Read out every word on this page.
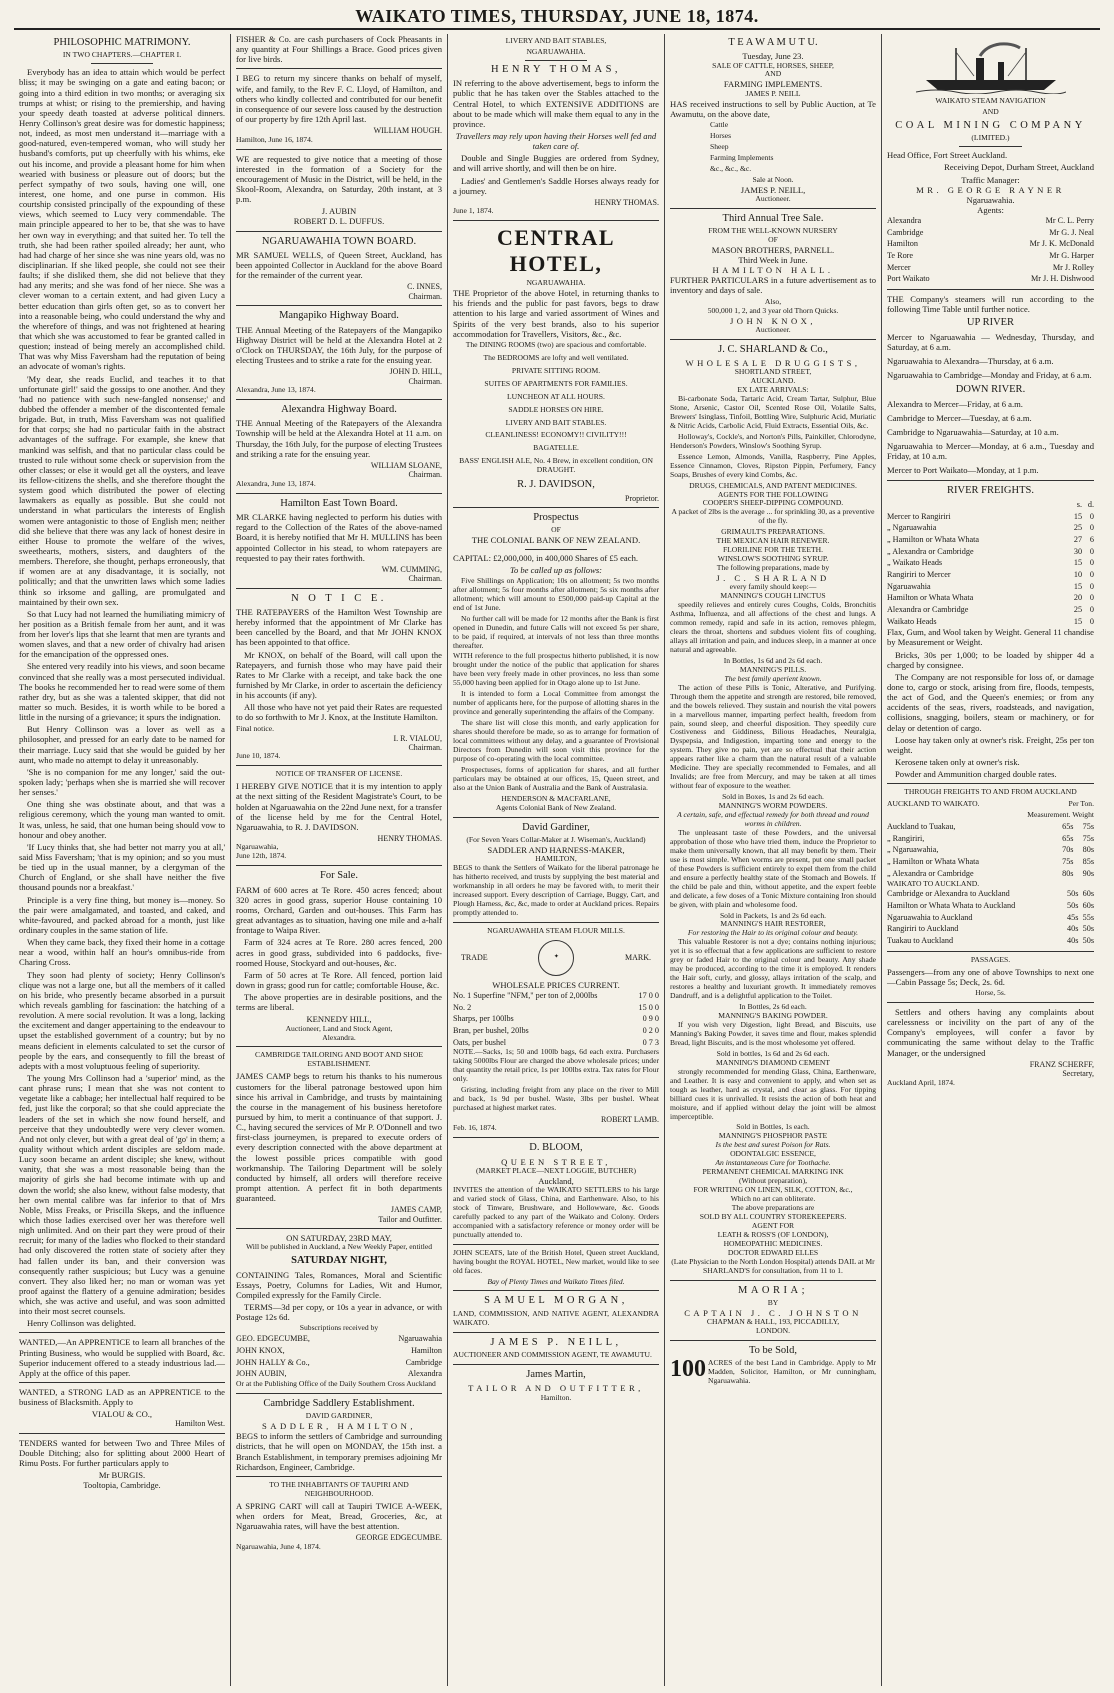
WAIKATO TIMES, THURSDAY, JUNE 18, 1874.
PHILOSOPHIC MATRIMONY.
IN TWO CHAPTERS.—CHAPTER I.

Everybody has an idea to attain which would be perfect bliss; it may be swinging on a gate and eating bacon; or going into a third edition in two months; or averaging six trumps at whist; or rising to the premiership, and having your speedy death toasted at adverse political dinners. Henry Collinson's great desire was for domestic happiness; not, indeed, as most men understand it—marriage with a good-natured, even-tempered woman, who will study her husband's comforts, put up cheerfully with his whims, eke out his income, and provide a pleasant home for him when wearied with business or pleasure out of doors; but the perfect sympathy of two souls, having one will, one interest, one home, and one purse in common. His courtship consisted principally of the expounding of these views, which seemed to Lucy very commendable. The main principle appeared to her to be, that she was to have her own way in everything; and that suited her. To tell the truth, she had been rather spoiled already; her aunt, who had had charge of her since she was nine years old, was no disciplinarian. If she liked people, she could not see their faults; if she disliked them, she did not believe that they had any merits; and she was fond of her niece. She was a clever woman to a certain extent, and had given Lucy a better education than girls often get, so as to convert her into a reasonable being, who could understand the why and the wherefore of things, and was not frightened at hearing that which she was accustomed to fear be granted called in question; instead of being merely an accomplished child. That was why Miss Faversham had the reputation of being an advocate of woman's rights.

'My dear, she reads Euclid, and teaches it to that unfortunate girl!' said the gossips to one another. And they 'had no patience with such new-fangled nonsense;' and dubbed the offender a member of the discontented female brigade. But, in truth, Miss Faversham was not qualified for that corps; she had no particular faith in the abstract advantages of the suffrage. For example, she knew that mankind was selfish, and that no particular class could be trusted to rule without some check or supervision from the other classes; or else it would get all the oysters, and leave its fellow-citizens the shells, and she therefore thought the system good which distributed the power of electing lawmakers as equally as possible. But she could not understand in what particulars the interests of English women were antagonistic to those of English men; neither did she believe that there was any lack of honest desire in either House to promote the welfare of the wives, sweethearts, mothers, sisters, and daughters of the members. Therefore, she thought, perhaps erroneously, that if women are at any disadvantage, it is socially, not politically; and that the unwritten laws which some ladies think so irksome and galling, are promulgated and maintained by their own sex.

So that Lucy had not learned the humiliating mimicry of her position as a British female from her aunt, and it was from her lover's lips that she learnt that men are tyrants and women slaves, and that a new order of chivalry had arisen for the emancipation of the oppressed ones.

She entered very readily into his views, and soon became convinced that she really was a most persecuted individual. The books he recommended her to read were some of them rather dry, but as she was a talented skipper, that did not matter so much. Besides, it is worth while to be bored a little in the nursing of a grievance; it spurs the indignation.

But Henry Collinson was a lover as well as a philosopher, and pressed for an early date to be named for their marriage. Lucy said that she would be guided by her aunt, who made no attempt to delay it unreasonably.

'She is no companion for me any longer,' said the out-spoken lady; 'perhaps when she is married she will recover her senses.'

One thing she was obstinate about, and that was a religious ceremony, which the young man wanted to omit. It was, unless, he said, that one human being should vow to honour and obey another.

'If Lucy thinks that, she had better not marry you at all,' said Miss Faversham; 'that is my opinion; and so you must be tied up in the usual manner, by a clergyman of the Church of England, or she shall have neither the five thousand pounds nor a breakfast.'

Principle is a very fine thing, but money is—money. So the pair were amalgamated, and toasted, and caked, and white-favoured, and packed abroad for a month, just like ordinary couples in the same station of life.

When they came back, they fixed their home in a cottage near a wood, within half an hour's omnibus-ride from Charing Cross.

They soon had plenty of society; Henry Collinson's clique was not a large one, but all the members of it called on his bride, who presently became absorbed in a pursuit which reveals gambling for fascination: the hatching of a revolution. A mere social revolution. It was a long, lacking the excitement and danger appertaining to the endeavour to upset the established government of a country; but by no means deficient in elements calculated to set the cursor of people by the ears, and consequently to fill the breast of adepts with a most voluptuous feeling of superiority.

The young Mrs Collinson had a 'superior' mind, as the cant phrase runs; I mean that she was not content to vegetate like a cabbage; her intellectual half required to be fed, just like the corporal; so that she could appreciate the leaders of the set in which she now found herself, and perceive that they undoubtedly were very clever women. And not only clever, but with a great deal of 'go' in them; a quality without which ardent disciples are seldom made. Lucy soon became an ardent disciple; she knew, without vanity, that she was a most reasonable being than the majority of girls she had become intimate with up and down the world; she also knew, without false modesty, that her own mental calibre was far inferior to that of Mrs Noble, Miss Freaks, or Priscilla Skeps, and the influence which those ladies exercised over her was therefore well nigh unlimited. And on their part they were proud of their recruit; for many of the ladies who flocked to their standard had only discovered the rotten state of society after they had fallen under its ban, and their conversion was consequently rather suspicious; but Lucy was a genuine convert. They also liked her; no man or woman was yet proof against the flattery of a genuine admiration; besides which, she was active and useful, and was soon admitted into their most secret counsels.

Henry Collinson was delighted.

WANTED,—An APPRENTICE to learn all branches of the Printing Business, who would be supplied with Board, &c. Superior inducement offered to a steady industrious lad.—Apply at the office of this paper.

WANTED, a STRONG LAD as an APPRENTICE to the business of Blacksmith. Apply to

VIALOU & CO.,
Hamilton West.

TENDERS wanted for between Two and Three Miles of Double Ditching; also for splitting about 2000 Heart of Rimu Posts. For further particulars apply to

Mr BURGIS.
Tooltopia, Cambridge.

FISHER & Co. are cash purchasers of Cock Pheasants in any quantity at Four Shillings a Brace. Good prices given for live birds.

I BEG to return my sincere thanks on behalf of myself, wife, and family, to the Rev F. C. Lloyd, of Hamilton, and others who kindly collected and contributed for our benefit in consequence of our severe loss caused by the destruction of our property by fire 12th April last.

WILLIAM HOUGH.
Hamilton, June 16, 1874.

WE are requested to give notice that a meeting of those interested in the formation of a Society for the encouragement of Music in the District, will be held, in the Skool-Room, Alexandra, on Saturday, 20th instant, at 3 p.m.

J. AUBIN
ROBERT D. L. DUFFUS.
NGARUAWAHIA TOWN BOARD.

MR SAMUEL WELLS, of Queen Street, Auckland, has been appointed Collector in Auckland for the above Board for the remainder of the current year.

C. INNES,
Chairman.
Mangapiko Highway Board.

THE Annual Meeting of the Ratepayers of the Mangapiko Highway District will be held at the Alexandra Hotel at 2 o'Clock on THURSDAY, the 16th July, for the purpose of electing Trustees and to strike a rate for the ensuing year.

JOHN D. HILL,
Chairman.
Alexandra, June 13, 1874.
Alexandra Highway Board.

THE Annual Meeting of the Ratepayers of the Alexandra Township will be held at the Alexandra Hotel at 11 a.m. on Thursday, the 16th July, for the purpose of electing Trustees and striking a rate for the ensuing year.

WILLIAM SLOANE,
Chairman.
Alexandra, June 13, 1874.
Hamilton East Town Board.

MR CLARKE having neglected to perform his duties with regard to the Collection of the Rates of the above-named Board, it is hereby notified that Mr H. MULLINS has been appointed Collector in his stead, to whom ratepayers are requested to pay their rates forthwith.

WM. CUMMING,
Chairman.
N O T I C E.

THE RATEPAYERS of the Hamilton West Township are hereby informed that the appointment of Mr Clarke has been cancelled by the Board, and that Mr JOHN KNOX has been appointed to that office.

Mr KNOX, on behalf of the Board, will call upon the Ratepayers, and furnish those who may have paid their Rates to Mr Clarke with a receipt, and take back the one furnished by Mr Clarke, in order to ascertain the deficiency in his accounts (if any).

All those who have not yet paid their Rates are requested to do so forthwith to Mr J. Knox, at the Institute Hamilton.

Final notice.
I. R. VIALOU,
Chairman.
June 10, 1874.
NOTICE OF TRANSFER OF LICENSE.

I HEREBY GIVE NOTICE that it is my intention to apply at the next sitting of the Resident Magistrate's Court, to be holden at Ngaruawahia on the 22nd June next, for a transfer of the license held by me for the Central Hotel, Ngaruawahia, to R. J. DAVIDSON.

HENRY THOMAS.
Ngaruawahia,
June 12th, 1874.
For Sale.

FARM of 600 acres at Te Rore. 450 acres fenced; about 320 acres in good grass, superior House containing 10 rooms, Orchard, Garden and out-houses. This Farm has great advantages as to situation, having one mile and a-half frontage to Waipa River.

Farm of 324 acres at Te Rore. 280 acres fenced, 200 acres in good grass, subdivided into 6 paddocks, five-roomed House, Stockyard and out-houses, &c.

Farm of 50 acres at Te Rore. All fenced, portion laid down in grass; good run for cattle; comfortable House, &c.

The above properties are in desirable positions, and the terms are liberal.

KENNEDY HILL,
Auctioneer, Land and Stock Agent,
Alexandra.
CAMBRIDGE TAILORING AND BOOT AND SHOE ESTABLISHMENT.

JAMES CAMP begs to return his thanks to his numerous customers for the liberal patronage bestowed upon him since his arrival in Cambridge, and trusts by maintaining the course in the management of his business heretofore pursued by him, to merit a continuance of that support. J. C., having secured the services of Mr P. O'Donnell and two first-class journeymen, is prepared to execute orders of every description connected with the above department at the lowest possible prices compatible with good workmanship. The Tailoring Department will be solely conducted by himself, all orders will therefore receive prompt attention. A perfect fit in both departments guaranteed.

JAMES CAMP,
Tailor and Outfitter.
ON SATURDAY, 23RD MAY,
Will be published in Auckland, a New Weekly Paper, entitled
SATURDAY NIGHT,

CONTAINING Tales, Romances, Moral and Scientific Essays, Poetry, Columns for Ladies, Wit and Humor, Compiled expressly for the Family Circle.

TERMS—3d per copy, or 10s a year in advance, or with Postage 12s 6d.

Subscriptions received by
GEO. EDGECUMBE,	Ngaruawahia
JOHN KNOX,	Hamilton
JOHN HALLY & Co.,	Cambridge
JOHN AUBIN,	Alexandra

Or at the Publishing Office of the Daily Southern Cross Auckland

Cambridge Saddlery Establishment.
DAVID GARDINER,
SADDLER, HAMILTON,

BEGS to inform the settlers of Cambridge and surrounding districts, that he will open on MONDAY, the 15th inst. a Branch Establishment, in temporary premises adjoining Mr Richardson, Engineer, Cambridge.

TO THE INHABITANTS OF TAUPIRI AND NEIGHBOURHOOD.

A SPRING CART will call at Taupiri TWICE A-WEEK, when orders for Meat, Bread, Groceries, &c, at Ngaruawahia rates, will have the best attention.

GEORGE EDGECUMBE.
Ngaruawahia, June 4, 1874.
LIVERY AND BAIT STABLES,
NGARUAWAHIA.
HENRY THOMAS,

IN referring to the above advertisement, begs to inform the public that he has taken over the Stables attached to the Central Hotel, to which EXTENSIVE ADDITIONS are about to be made which will make them equal to any in the province.

Travellers may rely upon having their Horses well fed and taken care of.

Double and Single Buggies are ordered from Sydney, and will arrive shortly, and will then be on hire.

Ladies' and Gentlemen's Saddle Horses always ready for a journey.

HENRY THOMAS.
June 1, 1874.
CENTRAL HOTEL,
NGARUAWAHIA.

THE Proprietor of the above Hotel, in returning thanks to his friends and the public for past favors, begs to draw attention to his large and varied assortment of Wines and Spirits of the very best brands, also to his superior accommodation for Travellers, Visitors, &c., &c.

The DINING ROOMS (two) are spacious and comfortable.

The BEDROOMS are lofty and well ventilated.

PRIVATE SITTING ROOM.

SUITES OF APARTMENTS FOR FAMILIES.

LUNCHEON AT ALL HOURS.

SADDLE HORSES ON HIRE.

LIVERY AND BAIT STABLES.

CLEANLINESS! ECONOMY!! CIVILITY!!!

BAGATELLE.

BASS' ENGLISH ALE, No. 4 Brew, in excellent condition, ON DRAUGHT.

R. J. DAVIDSON,
Proprietor.
Prospectus
OF
THE COLONIAL BANK OF NEW ZEALAND.

CAPITAL: £2,000,000, in 400,000 Shares of £5 each.

To be called up as follows:

Five Shillings on Application; 10s on allotment; 5s two months after allotment; 5s four months after allotment; 5s six months after allotment; which will amount to £500,000 paid-up Capital at the end of 1st June.

No further call will be made for 12 months after the Bank is first opened in Dunedin, and future Calls will not exceed 5s per share, to be paid, if required, at intervals of not less than three months thereafter.

WITH reference to the full prospectus hitherto published, it is now brought under the notice of the public that application for shares have been very freely made in other provinces, no less than some 55,000 having been applied for in Otago alone up to 1st June.

It is intended to form a Local Committee from amongst the number of applicants here, for the purpose of allotting shares in the province and generally superintending the affairs of the Company.

The share list will close this month, and early application for shares should therefore be made, so as to arrange for formation of local committees without any delay, and a guarantee of Provisional Directors from Dunedin will soon visit this province for the purpose of co-operating with the local committee.

Prospectuses, forms of application for shares, and all further particulars may be obtained at our offices, 15, Queen street, and also at the Union Bank of Australia and the Bank of Australasia.

HENDERSON & MACFARLANE,
Agents Colonial Bank of New Zealand.
David Gardiner,
(For Seven Years Collar-Maker at J. Wiseman's, Auckland)
SADDLER AND HARNESS-MAKER,
HAMILTON,

BEGS to thank the Settlers of Waikato for the liberal patronage he has hitherto received, and trusts by supplying the best material and workmanship in all orders he may be favored with, to merit their increased support. Every description of Carriage, Buggy, Cart, and Plough Harness, &c, &c, made to order at Auckland prices. Repairs promptly attended to.

NGARUAWAHIA STEAM FLOUR MILLS.
TRADE	✦	MARK.
WHOLESALE PRICES CURRENT.
No. 1 Superfine "NFM," per ton of 2,000lbs	17 0 0
No. 2	15 0 0
Sharps, per 100lbs	0 9 0
Bran, per bushel, 20lbs	0 2 0
Oats, per bushel	0 7 3

NOTE.—Sacks, 1s; 50 and 100lb bags, 6d each extra. Purchasers taking 5000lbs Flour are charged the above wholesale prices; under that quantity the retail price, 1s per 100lbs extra. Tax rates for Flour only.

Gristing, including freight from any place on the river to Mill and back, 1s 9d per bushel. Waste, 3lbs per bushel. Wheat purchased at highest market rates.

ROBERT LAMB.
Feb. 16, 1874.
D. BLOOM,
QUEEN STREET,
(MARKET PLACE—NEXT LOGGIE, BUTCHER)
Auckland,

INVITES the attention of the WAIKATO SETTLERS to his large and varied stock of Glass, China, and Earthenware. Also, to his stock of Tinware, Brushware, and Hollowware, &c. Goods carefully packed to any part of the Waikato and Colony. Orders accompanied with a satisfactory reference or money order will be punctually attended to.

JOHN SCEATS, late of the British Hotel, Queen street Auckland, having bought the ROYAL HOTEL, New market, would like to see old faces.

Bay of Plenty Times and Waikato Times filed.

SAMUEL MORGAN,

LAND, COMMISSION, AND NATIVE AGENT, ALEXANDRA WAIKATO.

JAMES P. NEILL,

AUCTIONEER AND COMMISSION AGENT, TE AWAMUTU.

James Martin,
TAILOR AND OUTFITTER,
Hamilton.
T E A W A M U T U.
Tuesday, June 23.
SALE OF CATTLE, HORSES, SHEEP,
AND
FARMING IMPLEMENTS.
JAMES P. NEILL

HAS received instructions to sell by Public Auction, at Te Awamutu, on the above date,

Cattle

Horses

Sheep

Farming Implements

&c., &c., &c.

Sale at Noon.
JAMES P. NEILL,
Auctioneer.
Third Annual Tree Sale.
FROM THE WELL-KNOWN NURSERY
OF
MASON BROTHERS, PARNELL.
Third Week in June.
HAMILTON HALL.

FURTHER PARTICULARS in a future advertisement as to inventory and days of sale.

Also,
500,000 1, 2, and 3 year old Thorn Quicks.
JOHN KNOX,
Auctioneer.
J. C. SHARLAND & Co.,
WHOLESALE DRUGGISTS,
SHORTLAND STREET,
AUCKLAND.
EX LATE ARRIVALS:

Bi-carbonate Soda, Tartaric Acid, Cream Tartar, Sulphur, Blue Stone, Arsenic, Castor Oil, Scented Rose Oil, Volatile Salts, Brewers' Isinglass, Tinfoil, Bottling Wire, Sulphuric Acid, Muriatic & Nitric Acids, Carbolic Acid, Fluid Extracts, Essential Oils, &c.

Holloway's, Cockle's, and Norton's Pills, Painkiller, Chlorodyne, Henderson's Powders, Winslow's Soothing Syrup.

Essence Lemon, Almonds, Vanilla, Raspberry, Pine Apples, Essence Cinnamon, Cloves, Ripston Pippin, Perfumery, Fancy Soaps, Brushes of every kind Combs, &c.

DRUGS, CHEMICALS, AND PATENT MEDICINES.
AGENTS FOR THE FOLLOWING
COOPER'S SHEEP-DIPPING COMPOUND.

A packet of 2lbs is the average ... for sprinkling 30, as a preventive of the fly.

GRIMAULT'S PREPARATIONS.
THE MEXICAN HAIR RENEWER.
FLORILINE FOR THE TEETH.
WINSLOW'S SOOTHING SYRUP.
The following preparations, made by
J. C. SHARLAND
every family should keep:—
MANNING'S COUGH LINCTUS

speedily relieves and entirely cures Coughs, Colds, Bronchitis Asthma, Influenza, and all affections of the chest and lungs. A common remedy, rapid and safe in its action, removes phlegm, clears the throat, shortens and subdues violent fits of coughing, allays all irritation and pain, and induces sleep, in a manner at once natural and agreeable.

In Bottles, 1s 6d and 2s 6d each.
MANNING'S PILLS.
The best family aperient known.

The action of these Pills is Tonic, Alterative, and Purifying. Through them the appetite and strength are restored, bile removed, and the bowels relieved. They sustain and nourish the vital powers in a marvellous manner, imparting perfect health, freedom from pain, sound sleep, and cheerful disposition. They speedily cure Costiveness and Giddiness, Bilious Headaches, Neuralgia, Dyspepsia, and Indigestion, imparting tone and energy to the system. They give no pain, yet are so effectual that their action appears rather like a charm than the natural result of a valuable Medicine. They are specially recommended to Females, and all Invalids; are free from Mercury, and may be taken at all times without fear of exposure to the weather.

Sold in Boxes, 1s and 2s 6d each.
MANNING'S WORM POWDERS.
A certain, safe, and effectual remedy for both thread and round worms in children.

The unpleasant taste of these Powders, and the universal approbation of those who have tried them, induce the Proprietor to make them universally known, that all may benefit by them. Their use is most simple. When worms are present, put one small packet of these Powders is sufficient entirely to expel them from the child and ensure a perfectly healthy state of the Stomach and Bowels. If the child be pale and thin, without appetite, and the expert feeble and delicate, a few doses of a Tonic Mixture containing Iron should be given, with plain and wholesome food.

Sold in Packets, 1s and 2s 6d each.
MANNING'S HAIR RESTORER,
For restoring the Hair to its original colour and beauty.

This valuable Restorer is not a dye; contains nothing injurious; yet it is so effectual that a few applications are sufficient to restore grey or faded Hair to the original colour and beauty. Any shade may be produced, according to the time it is employed. It renders the Hair soft, curly, and glossy, allays irritation of the scalp, and restores a healthy and luxuriant growth. It immediately removes Dandruff, and is a delightful application to the Toilet.

In Bottles, 2s 6d each.
MANNING'S BAKING POWDER.

If you wish very Digestion, light Bread, and Biscuits, use Manning's Baking Powder, it saves time and flour, makes splendid Bread, light Biscuits, and is the most wholesome yet offered.

Sold in bottles, 1s 6d and 2s 6d each.
MANNING'S DIAMOND CEMENT

strongly recommended for mending Glass, China, Earthenware, and Leather. It is easy and convenient to apply, and when set as tough as leather, hard as crystal, and clear as glass. For tipping billiard cues it is unrivalled. It resists the action of both heat and moisture, and if applied without delay the joint will be almost imperceptible.

Sold in Bottles, 1s each.
MANNING'S PHOSPHOR PASTE
Is the best and surest Poison for Rats.
ODONTALGIC ESSENCE,
An instantaneous Cure for Toothache.
PERMANENT CHEMICAL MARKING INK
(Without preparation),
FOR WRITING ON LINEN, SILK, COTTON, &c.,
Which no art can obliterate.
The above preparations are
SOLD BY ALL COUNTRY STOREKEEPERS.
AGENT FOR
LEATH & ROSS'S (OF LONDON),
HOMEOPATHIC MEDICINES.
DOCTOR EDWARD ELLES

(Late Physician to the North London Hospital) attends DAIL at Mr SHARLAND'S for consultation, from 11 to 1.

MAORIA;
BY
CAPTAIN J. C. JOHNSTON
CHAPMAN & HALL, 193, PICCADILLY,
LONDON.
To be Sold,

100 ACRES of the best Land in Cambridge. Apply to Mr Madden, Solicitor, Hamilton, or Mr cunningham, Ngaruawahia.

WAIKATO STEAM NAVIGATION
AND
COAL MINING COMPANY
(LIMITED.)

Head Office, Fort Street Auckland.

Receiving Depot, Durham Street, Auckland

Traffic Manager:
MR. GEORGE RAYNER
Ngaruawahia.
Agents:
Alexandra	Mr C. L. Perry
Cambridge	Mr G. J. Neal
Hamilton	Mr J. K. McDonald
Te Rore	Mr G. Harper
Mercer	Mr J. Rolley
Port Waikato	Mr J. H. Dishwood

THE Company's steamers will run according to the following Time Table until further notice.

UP RIVER

Mercer to Ngaruawahia — Wednesday, Thursday, and Saturday, at 6 a.m.

Ngaruawahia to Alexandra—Thursday, at 6 a.m.

Ngaruawahia to Cambridge—Monday and Friday, at 6 a.m.

DOWN RIVER.

Alexandra to Mercer—Friday, at 6 a.m.

Cambridge to Mercer—Tuesday, at 6 a.m.

Cambridge to Ngaruawahia—Saturday, at 10 a.m.

Ngaruawahia to Mercer—Monday, at 6 a.m., Tuesday and Friday, at 10 a.m.

Mercer to Port Waikato—Monday, at 1 p.m.

RIVER FREIGHTS.
	s.	d.
Mercer to Rangiriri	15	0
„ Ngaruawahia	25	0
„ Hamilton or Whata Whata	27	6
„ Alexandra or Cambridge	30	0
„ Waikato Heads	15	0
Rangiriri to Mercer	10	0
Ngaruawahia	15	0
Hamilton or Whata Whata	20	0
Alexandra or Cambridge	25	0
Waikato Heads	15	0

Flax, Gum, and Wool taken by Weight. General 11 chandise by Measurement or Weight.

Bricks, 30s per 1,000; to be loaded by shipper 4d a charged by consignee.

The Company are not responsible for loss of, or damage done to, cargo or stock, arising from fire, floods, tempests, the act of God, and the Queen's enemies; or from any accidents of the seas, rivers, roadsteads, and navigation, collisions, snagging, boilers, steam or machinery, or for delay or detention of cargo.

Loose hay taken only at owner's risk. Freight, 25s per ton weight.

Kerosene taken only at owner's risk.

Powder and Ammunition charged double rates.

THROUGH FREIGHTS TO AND FROM AUCKLAND
AUCKLAND TO WAIKATO.	Per Ton.
	Measurement. Weight
Auckland to Tuakau,	65s	75s
„ Rangiriri,	65s	75s
„ Ngaruawahia,	70s	80s
„ Hamilton or Whata Whata	75s	85s
„ Alexandra or Cambridge	80s	90s
WAIKATO TO AUCKLAND.
Cambridge or Alexandra to Auckland	50s	60s
Hamilton or Whata Whata to Auckland	50s	60s
Ngaruawahia to Auckland	45s	55s
Rangiriri to Auckland	40s	50s
Tuakau to Auckland	40s	50s
PASSAGES.

Passengers—from any one of above Townships to next one—Cabin Passage 5s; Deck, 2s. 6d.

Horse, 5s.

Settlers and others having any complaints about carelessness or incivility on the part of any of the Company's employees, will confer a favor by communicating the same without delay to the Traffic Manager, or the undersigned

FRANZ SCHERFF,
Secretary,
Auckland April, 1874.
